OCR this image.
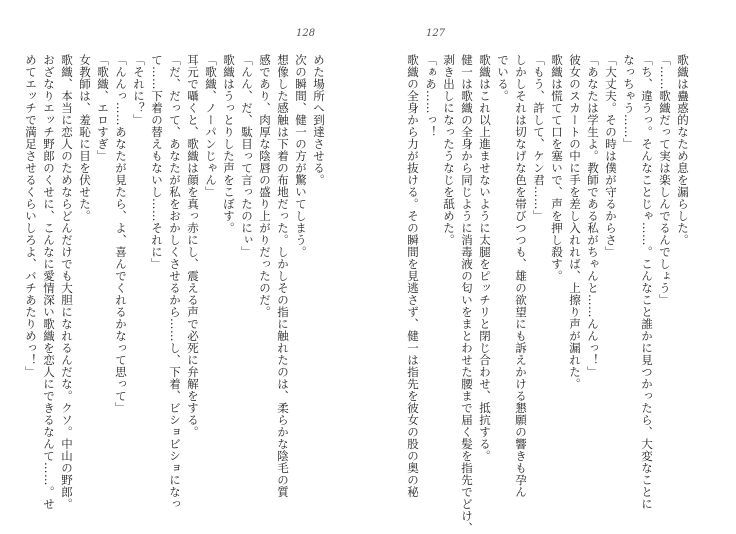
128
めた場所へ到達させる。
次の瞬間、健一の方が驚いてしまう。
想像した感触は下着の布地だった。しかしその指に触れたのは、柔らかな陰毛の質
感であり、肉厚な陰唇の盛り上がりだったのだ。
「んん、だ、駄目って言ったのにぃ」
歌織はうっとりした声をこぼす。
「歌織、ノーパンじゃん」
耳元で囁くと、歌織は顔を真っ赤にし、震える声で必死に弁解をする。
「だ、だって、あなたが私をおかしくさせるから……し、下着、ビショビショになっ
て……下着の替えもないし……それに」
「それに？」
「んんっ……あなたが見たら、よ、喜んでくれるかなって思って」
「歌織、エロすぎ」
女教師は、羞恥に目を伏せた。
歌織、本当に恋人のためならどんだけでも大胆になれるんだな。クソ。中山の野郎。
おざなりエッチ野郎のくせに、こんなに愛情深い歌織を恋人にできるなんて……。せ
めてエッチで満足させるくらいしろよ、バチあたりめっ！」
127
歌織は蠱惑的なため息を漏らした。
「……歌織だって実は楽しんでるんでしょう」
「ち、違うっ。そんなことじゃ……。こんなこと誰かに見つかったら、大変なことに
なっちゃう……」
「大丈夫。その時は僕が守るからさ」
「あなたは学生よ。教師である私がちゃんと……んんっ！」
彼女のスカートの中に手を差し入れれば、上擦り声が漏れた。
歌織は慌てて口を塞いで、声を押し殺す。
「もう、許して、ケン君……」
しかしそれは切なげな色を帯びつつも、雄の欲望にも訴えかける懇願の響きも孕ん
でいる。
歌織はこれ以上進ませないように太腿をピッチリと閉じ合わせ、抵抗する。
健一は歌織の全身から同じように消毒液の匂いをまとわせた腰まで届く髪を指先でどけ、
剥き出しになったうなじを舐めた。
「ぁあ……っ！
歌織の全身から力が抜ける。その瞬間を見逃さず、健一は指先を彼女の股の奥の秘
